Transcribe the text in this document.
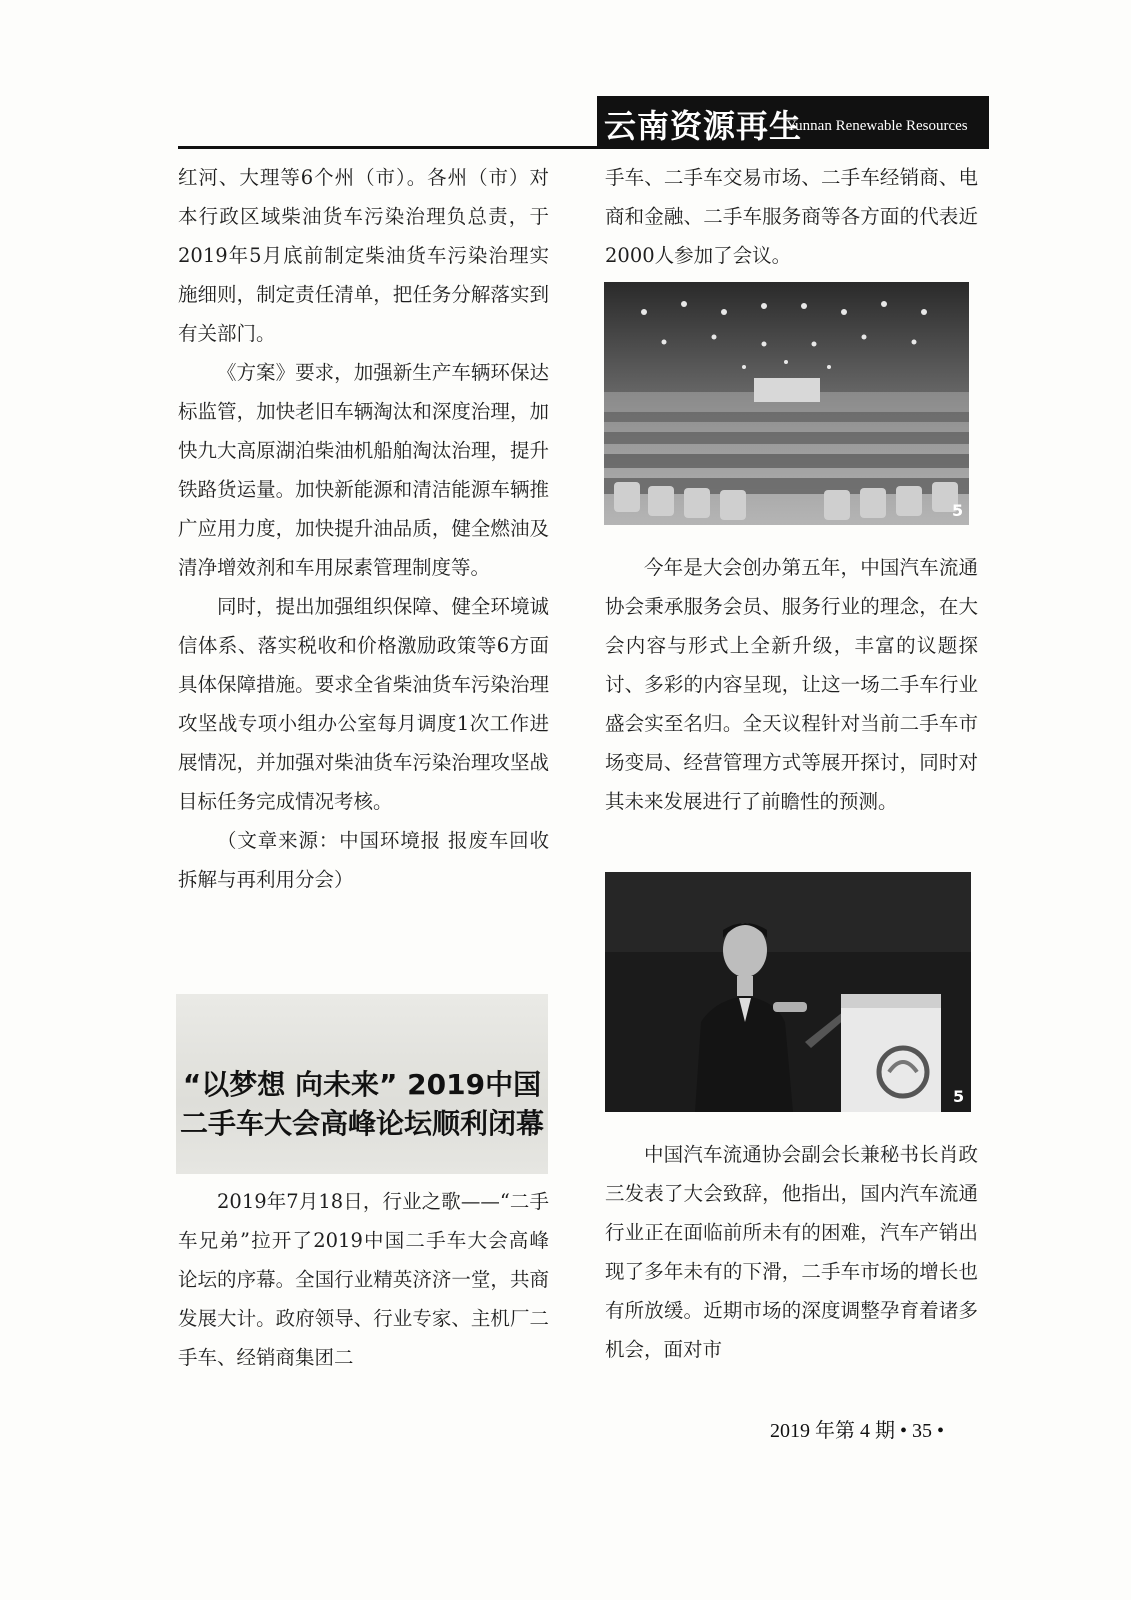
云南资源再生
Yunnan Renewable Resources

红河、大理等6个州（市）。各州（市）对本行政区域柴油货车污染治理负总责，于2019年5月底前制定柴油货车污染治理实施细则，制定责任清单，把任务分解落实到有关部门。

《方案》要求，加强新生产车辆环保达标监管，加快老旧车辆淘汰和深度治理，加快九大高原湖泊柴油机船舶淘汰治理，提升铁路货运量。加快新能源和清洁能源车辆推广应用力度，加快提升油品质，健全燃油及清净增效剂和车用尿素管理制度等。

同时，提出加强组织保障、健全环境诚信体系、落实税收和价格激励政策等6方面具体保障措施。要求全省柴油货车污染治理攻坚战专项小组办公室每月调度1次工作进展情况，并加强对柴油货车污染治理攻坚战目标任务完成情况考核。

（文章来源：中国环境报 报废车回收拆解与再利用分会）

“以梦想 向未来” 2019中国
二手车大会高峰论坛顺利闭幕

2019年7月18日，行业之歌——“二手车兄弟”拉开了2019中国二手车大会高峰论坛的序幕。全国行业精英济济一堂，共商发展大计。政府领导、行业专家、主机厂二手车、经销商集团二

手车、二手车交易市场、二手车经销商、电商和金融、二手车服务商等各方面的代表近2000人参加了会议。

5

今年是大会创办第五年，中国汽车流通协会秉承服务会员、服务行业的理念，在大会内容与形式上全新升级，丰富的议题探讨、多彩的内容呈现，让这一场二手车行业盛会实至名归。全天议程针对当前二手车市场变局、经营管理方式等展开探讨，同时对其未来发展进行了前瞻性的预测。

5

中国汽车流通协会副会长兼秘书长肖政三发表了大会致辞，他指出，国内汽车流通行业正在面临前所未有的困难，汽车产销出现了多年未有的下滑，二手车市场的增长也有所放缓。近期市场的深度调整孕育着诸多机会，面对市

2019 年第 4 期 • 35 •
